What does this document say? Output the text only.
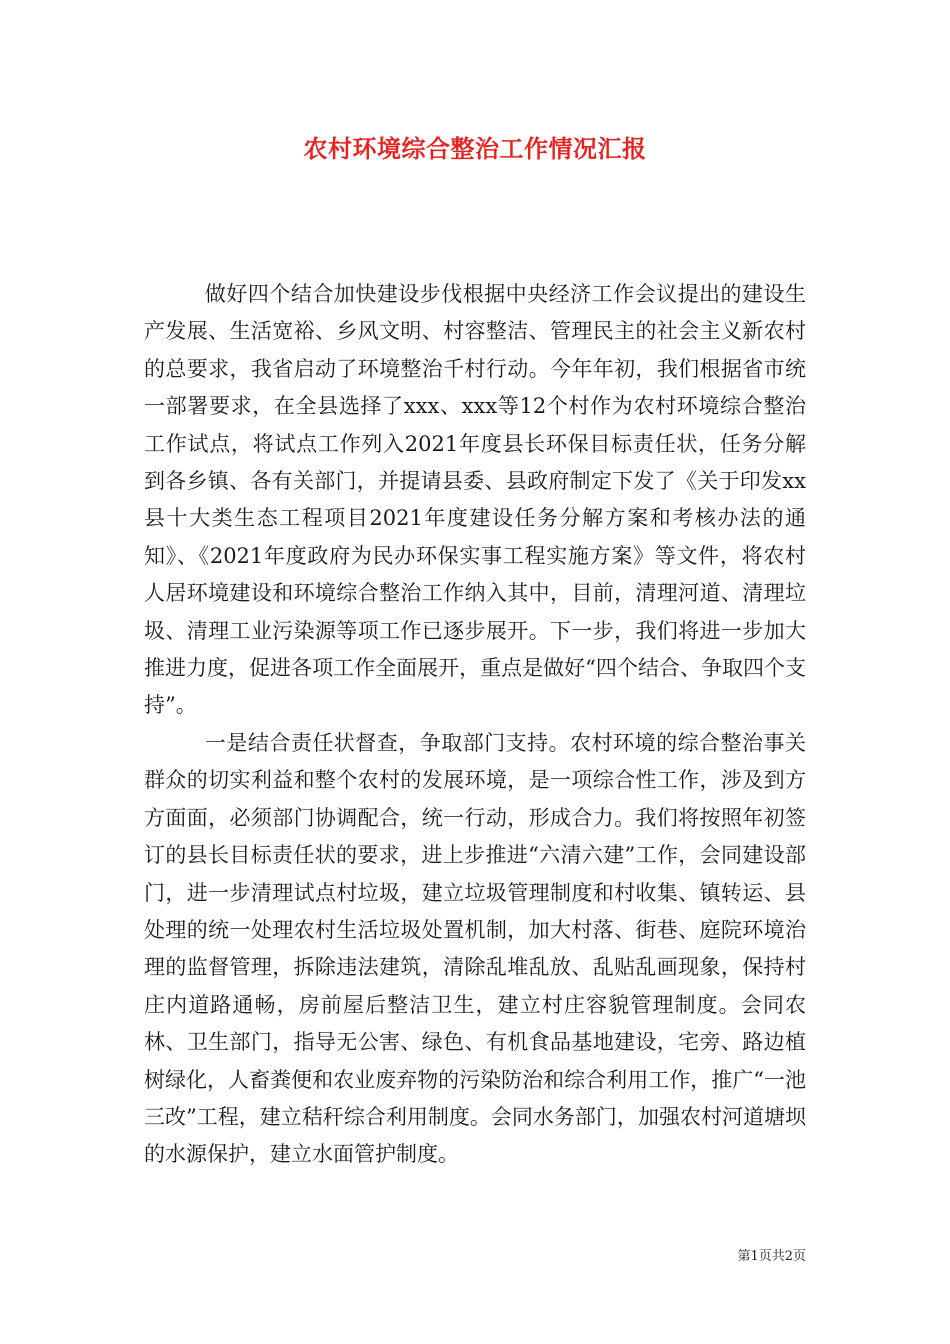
农村环境综合整治工作情况汇报

做好四个结合加快建设步伐根据中央经济工作会议提出的建设生产发展、生活宽裕、乡风文明、村容整洁、管理民主的社会主义新农村的总要求，我省启动了环境整治千村行动。今年年初，我们根据省市统一部署要求，在全县选择了xxx、xxx等12个村作为农村环境综合整治工作试点，将试点工作列入2021年度县长环保目标责任状，任务分解到各乡镇、各有关部门，并提请县委、县政府制定下发了《关于印发xx县十大类生态工程项目2021年度建设任务分解方案和考核办法的通知》、《2021年度政府为民办环保实事工程实施方案》等文件，将农村人居环境建设和环境综合整治工作纳入其中，目前，清理河道、清理垃圾、清理工业污染源等项工作已逐步展开。下一步，我们将进一步加大推进力度，促进各项工作全面展开，重点是做好“四个结合、争取四个支持”。

一是结合责任状督查，争取部门支持。农村环境的综合整治事关群众的切实利益和整个农村的发展环境，是一项综合性工作，涉及到方方面面，必须部门协调配合，统一行动，形成合力。我们将按照年初签订的县长目标责任状的要求，进上步推进“六清六建”工作，会同建设部门，进一步清理试点村垃圾，建立垃圾管理制度和村收集、镇转运、县处理的统一处理农村生活垃圾处置机制，加大村落、街巷、庭院环境治理的监督管理，拆除违法建筑，清除乱堆乱放、乱贴乱画现象，保持村庄内道路通畅，房前屋后整洁卫生，建立村庄容貌管理制度。会同农林、卫生部门，指导无公害、绿色、有机食品基地建设，宅旁、路边植树绿化，人畜粪便和农业废弃物的污染防治和综合利用工作，推广“一池三改”工程，建立秸秆综合利用制度。会同水务部门，加强农村河道塘坝的水源保护，建立水面管护制度。

第1页共2页
